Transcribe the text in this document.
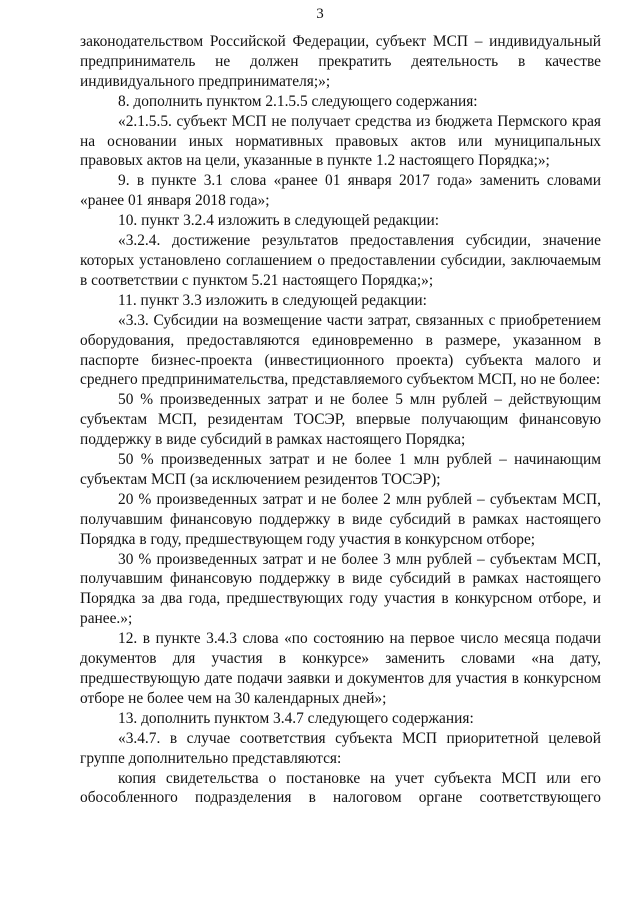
3

законодательством Российской Федерации, субъект МСП – индивидуальный предприниматель не должен прекратить деятельность в качестве индивидуального предпринимателя;»;

8. дополнить пунктом 2.1.5.5 следующего содержания:

«2.1.5.5. субъект МСП не получает средства из бюджета Пермского края на основании иных нормативных правовых актов или муниципальных правовых актов на цели, указанные в пункте 1.2 настоящего Порядка;»;

9. в пункте 3.1 слова «ранее 01 января 2017 года» заменить словами «ранее 01 января 2018 года»;

10. пункт 3.2.4 изложить в следующей редакции:

«3.2.4. достижение результатов предоставления субсидии, значение которых установлено соглашением о предоставлении субсидии, заключаемым в соответствии с пунктом 5.21 настоящего Порядка;»;

11. пункт 3.3 изложить в следующей редакции:

«3.3. Субсидии на возмещение части затрат, связанных с приобретением оборудования, предоставляются единовременно в размере, указанном в паспорте бизнес-проекта (инвестиционного проекта) субъекта малого и среднего предпринимательства, представляемого субъектом МСП, но не более:

50 % произведенных затрат и не более 5 млн рублей – действующим субъектам МСП, резидентам ТОСЭР, впервые получающим финансовую поддержку в виде субсидий в рамках настоящего Порядка;

50 % произведенных затрат и не более 1 млн рублей – начинающим субъектам МСП (за исключением резидентов ТОСЭР);

20 % произведенных затрат и не более 2 млн рублей – субъектам МСП, получавшим финансовую поддержку в виде субсидий в рамках настоящего Порядка в году, предшествующем году участия в конкурсном отборе;

30 % произведенных затрат и не более 3 млн рублей – субъектам МСП, получавшим финансовую поддержку в виде субсидий в рамках настоящего Порядка за два года, предшествующих году участия в конкурсном отборе, и ранее.»;

12. в пункте 3.4.3 слова «по состоянию на первое число месяца подачи документов для участия в конкурсе» заменить словами «на дату, предшествующую дате подачи заявки и документов для участия в конкурсном отборе не более чем на 30 календарных дней»;

13. дополнить пунктом 3.4.7 следующего содержания:

«3.4.7. в случае соответствия субъекта МСП приоритетной целевой группе дополнительно представляются:

копия свидетельства о постановке на учет субъекта МСП или его обособленного подразделения в налоговом органе соответствующего
